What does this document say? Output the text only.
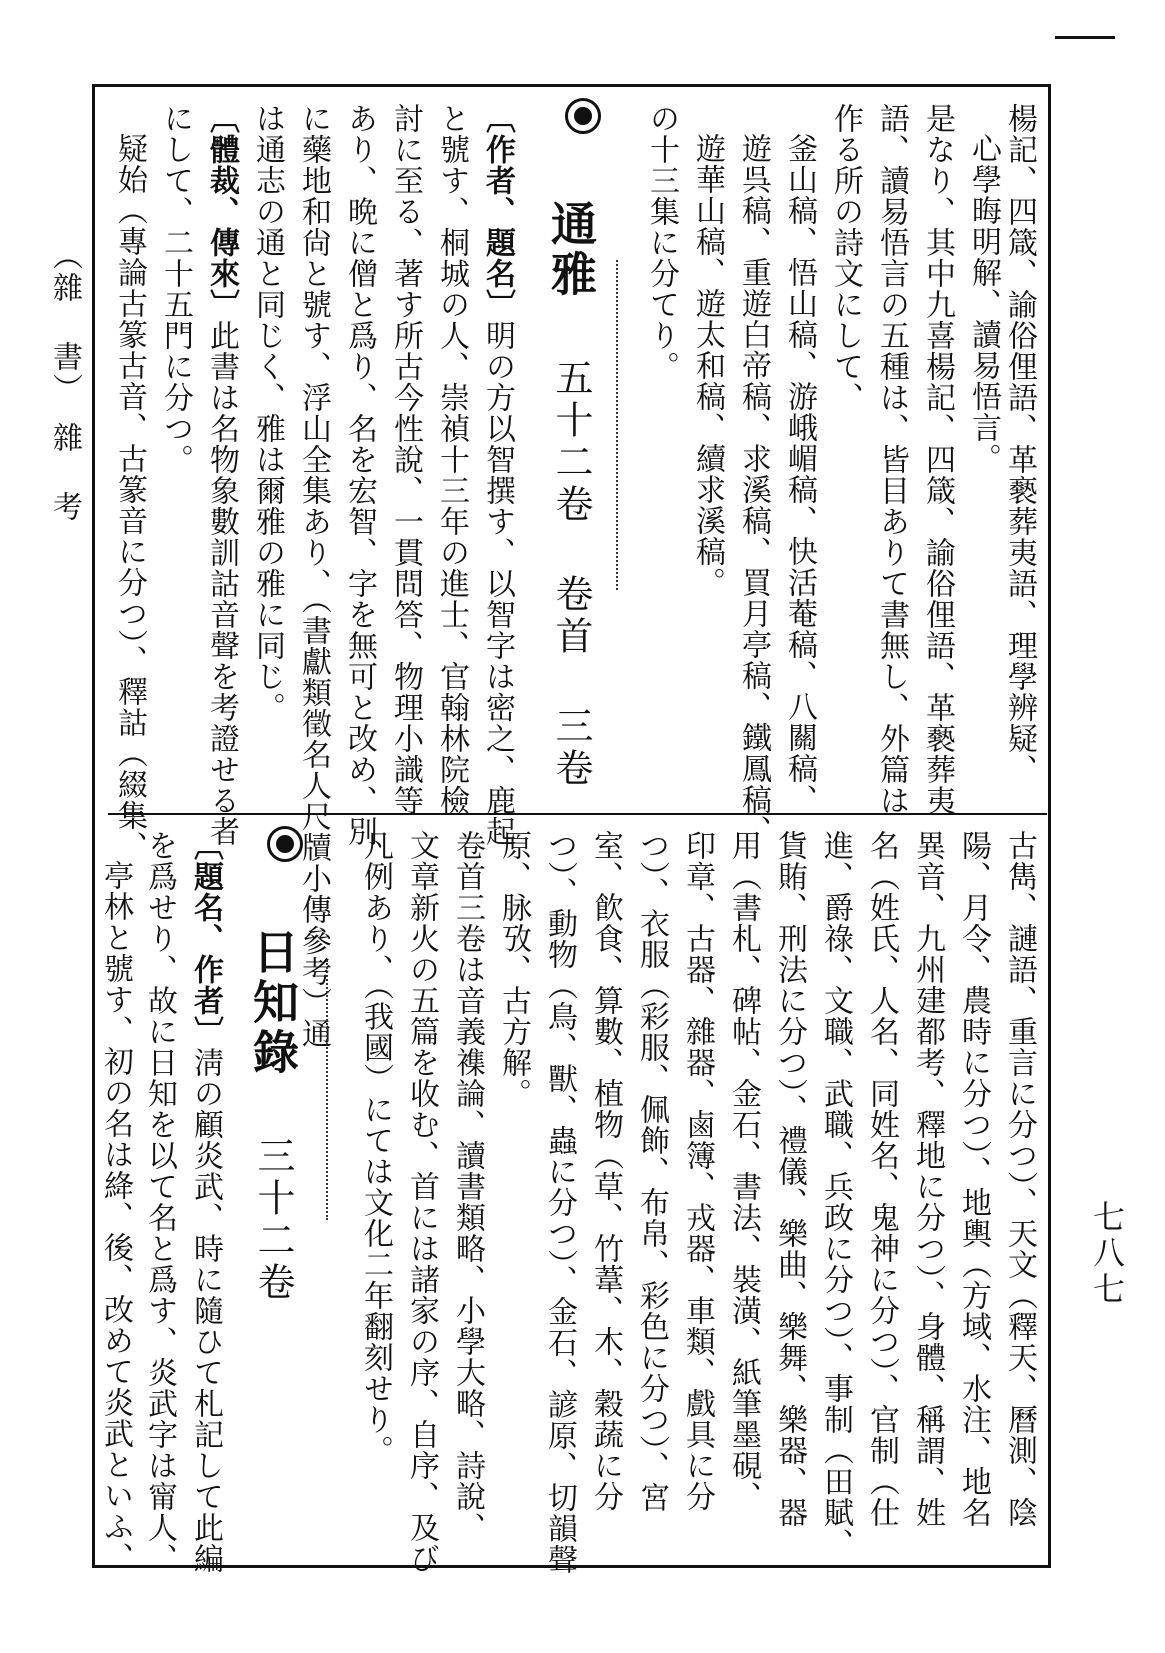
（雜 書）　雜 考
七八七
楊記、四箴、諭俗俚語、革褻葬夷語、理學辨疑、
心學晦明解、讀易悟言。
是なり、其中九喜楊記、四箴、諭俗俚語、革褻葬夷
語、讀易悟言の五種は、皆目ありて書無し、外篇は
作る所の詩文にして、
釜山稿、悟山稿、游峨嵋稿、快活菴稿、八關稿、
遊呉稿、重遊白帝稿、求溪稿、買月亭稿、鐵鳳稿、
遊華山稿、遊太和稿、續求溪稿。
の十三集に分てり。
通雅 五十二卷 卷首 三卷
〔作者、題名〕明の方以智撰す、以智字は密之、鹿起
と號す、桐城の人、崇禎十三年の進士、官翰林院檢
討に至る、著す所古今性說、一貫問答、物理小識等
あり、晩に僧と爲り、名を宏智、字を無可と改め、別
に藥地和尙と號す、浮山全集あり、（書獻類徵名人尺牘小傳參考）通
は通志の通と同じく、雅は爾雅の雅に同じ。
〔體裁、傳來〕此書は名物象數訓詁音聲を考證せる者
にして、二十五門に分つ。
疑始（專論古篆古音、古篆音に分つ）、釋詁（綴集、
古雋、謰語、重言に分つ）、天文（釋天、曆測、陰
陽、月令、農時に分つ）、地輿（方域、水注、地名
異音、九州建都考、釋地に分つ）、身體、稱謂、姓
名（姓氏、人名、同姓名、鬼神に分つ）、官制（仕
進、爵祿、文職、武職、兵政に分つ）、事制（田賦、
貨賄、刑法に分つ）、禮儀、樂曲、樂舞、樂器、器
用（書札、碑帖、金石、書法、裝潢、紙筆墨硯、
印章、古器、雜器、鹵簿、戎器、車類、戲具に分
つ）、衣服（彩服、佩飾、布帛、彩色に分つ）、宮
室、飮食、算數、植物（草、竹葦、木、穀蔬に分
つ）、動物（鳥、獸、蟲に分つ）、金石、諺原、切韻聲
原、脉攷、古方解。
卷首三卷は音義襍論、讀書類略、小學大略、詩說、
文章新火の五篇を收む、首には諸家の序、自序、及び
凡例あり、（我國）にては文化二年翻刻せり。
日知錄 三十二卷
〔題名、作者〕淸の顧炎武、時に隨ひて札記して此編
を爲せり、故に日知を以て名と爲す、炎武字は甯人、
亭林と號す、初の名は絳、後、改めて炎武といふ、
